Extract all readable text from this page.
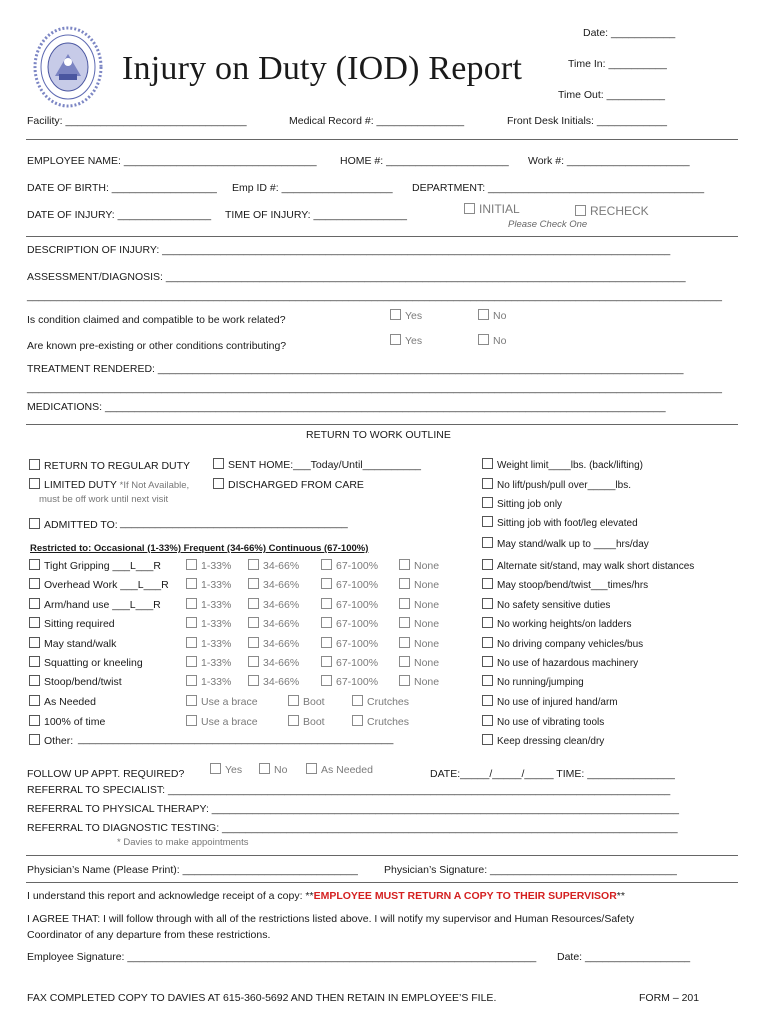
Injury on Duty (IOD) Report
Date: ___________
Time In: __________
Time Out: __________
Facility: _______________________________	Medical Record #: _______________	Front Desk Initials: ____________
EMPLOYEE NAME: _________________________________ HOME #: _____________________ Work #: _____________________
DATE OF BIRTH: __________________ Emp ID #: ___________________ DEPARTMENT: _____________________________________
DATE OF INJURY: ________________ TIME OF INJURY: ________________	INITIAL	RECHECK
Please Check One
DESCRIPTION OF INJURY: _______________________________________________________________________________________
ASSESSMENT/DIAGNOSIS: _________________________________________________________________________________________
_______________________________________________________________________________________________________________________
Is condition claimed and compatible to be work related?	Yes	No
Are known pre-existing or other conditions contributing?	Yes	No
TREATMENT RENDERED: __________________________________________________________________________________________
_______________________________________________________________________________________________________________________
MEDICATIONS: ________________________________________________________________________________________________
RETURN TO WORK OUTLINE
RETURN TO REGULAR DUTY	SENT HOME:___Today/Until__________
LIMITED DUTY *If Not Available,
must be off work until next visit
DISCHARGED FROM CARE
ADMITTED TO: _______________________________________
Restricted to: Occasional (1-33%) Frequent (34-66%) Continuous (67-100%)
Tight Gripping ___L___R	1-33%	34-66%	67-100%	None
Overhead Work ___L___R	1-33%	34-66%	67-100%	None
Arm/hand use ___L___R	1-33%	34-66%	67-100%	None
Sitting required	1-33%	34-66%	67-100%	None
May stand/walk	1-33%	34-66%	67-100%	None
Squatting or kneeling	1-33%	34-66%	67-100%	None
Stoop/bend/twist	1-33%	34-66%	67-100%	None
As Needed	Use a brace	Boot	Crutches
100% of time	Use a brace	Boot	Crutches
Other: ______________________________________________________
Weight limit____lbs. (back/lifting)
No lift/push/pull over_____lbs.
Sitting job only
Sitting job with foot/leg elevated
May stand/walk up to ____hrs/day
Alternate sit/stand, may walk short distances
May stoop/bend/twist___times/hrs
No safety sensitive duties
No working heights/on ladders
No driving company vehicles/bus
No use of hazardous machinery
No running/jumping
No use of injured hand/arm
No use of vibrating tools
Keep dressing clean/dry
FOLLOW UP APPT. REQUIRED?	Yes	No	As Needed	DATE:_____/_____/_____ TIME: _______________
REFERRAL TO SPECIALIST: ______________________________________________________________________________________
REFERRAL TO PHYSICAL THERAPY: ________________________________________________________________________________
REFERRAL TO DIAGNOSTIC TESTING: ______________________________________________________________________________
* Davies to make appointments
Physician’s Name (Please Print): ______________________________ Physician’s Signature: ________________________________
I understand this report and acknowledge receipt of a copy: **EMPLOYEE MUST RETURN A COPY TO THEIR SUPERVISOR**
I AGREE THAT: I will follow through with all of the restrictions listed above. I will notify my supervisor and Human Resources/Safety
Coordinator of any departure from these restrictions.
Employee Signature: ______________________________________________________________________ Date: __________________
FAX COMPLETED COPY TO DAVIES AT 615-360-5692 AND THEN RETAIN IN EMPLOYEE’S FILE.	FORM – 201
